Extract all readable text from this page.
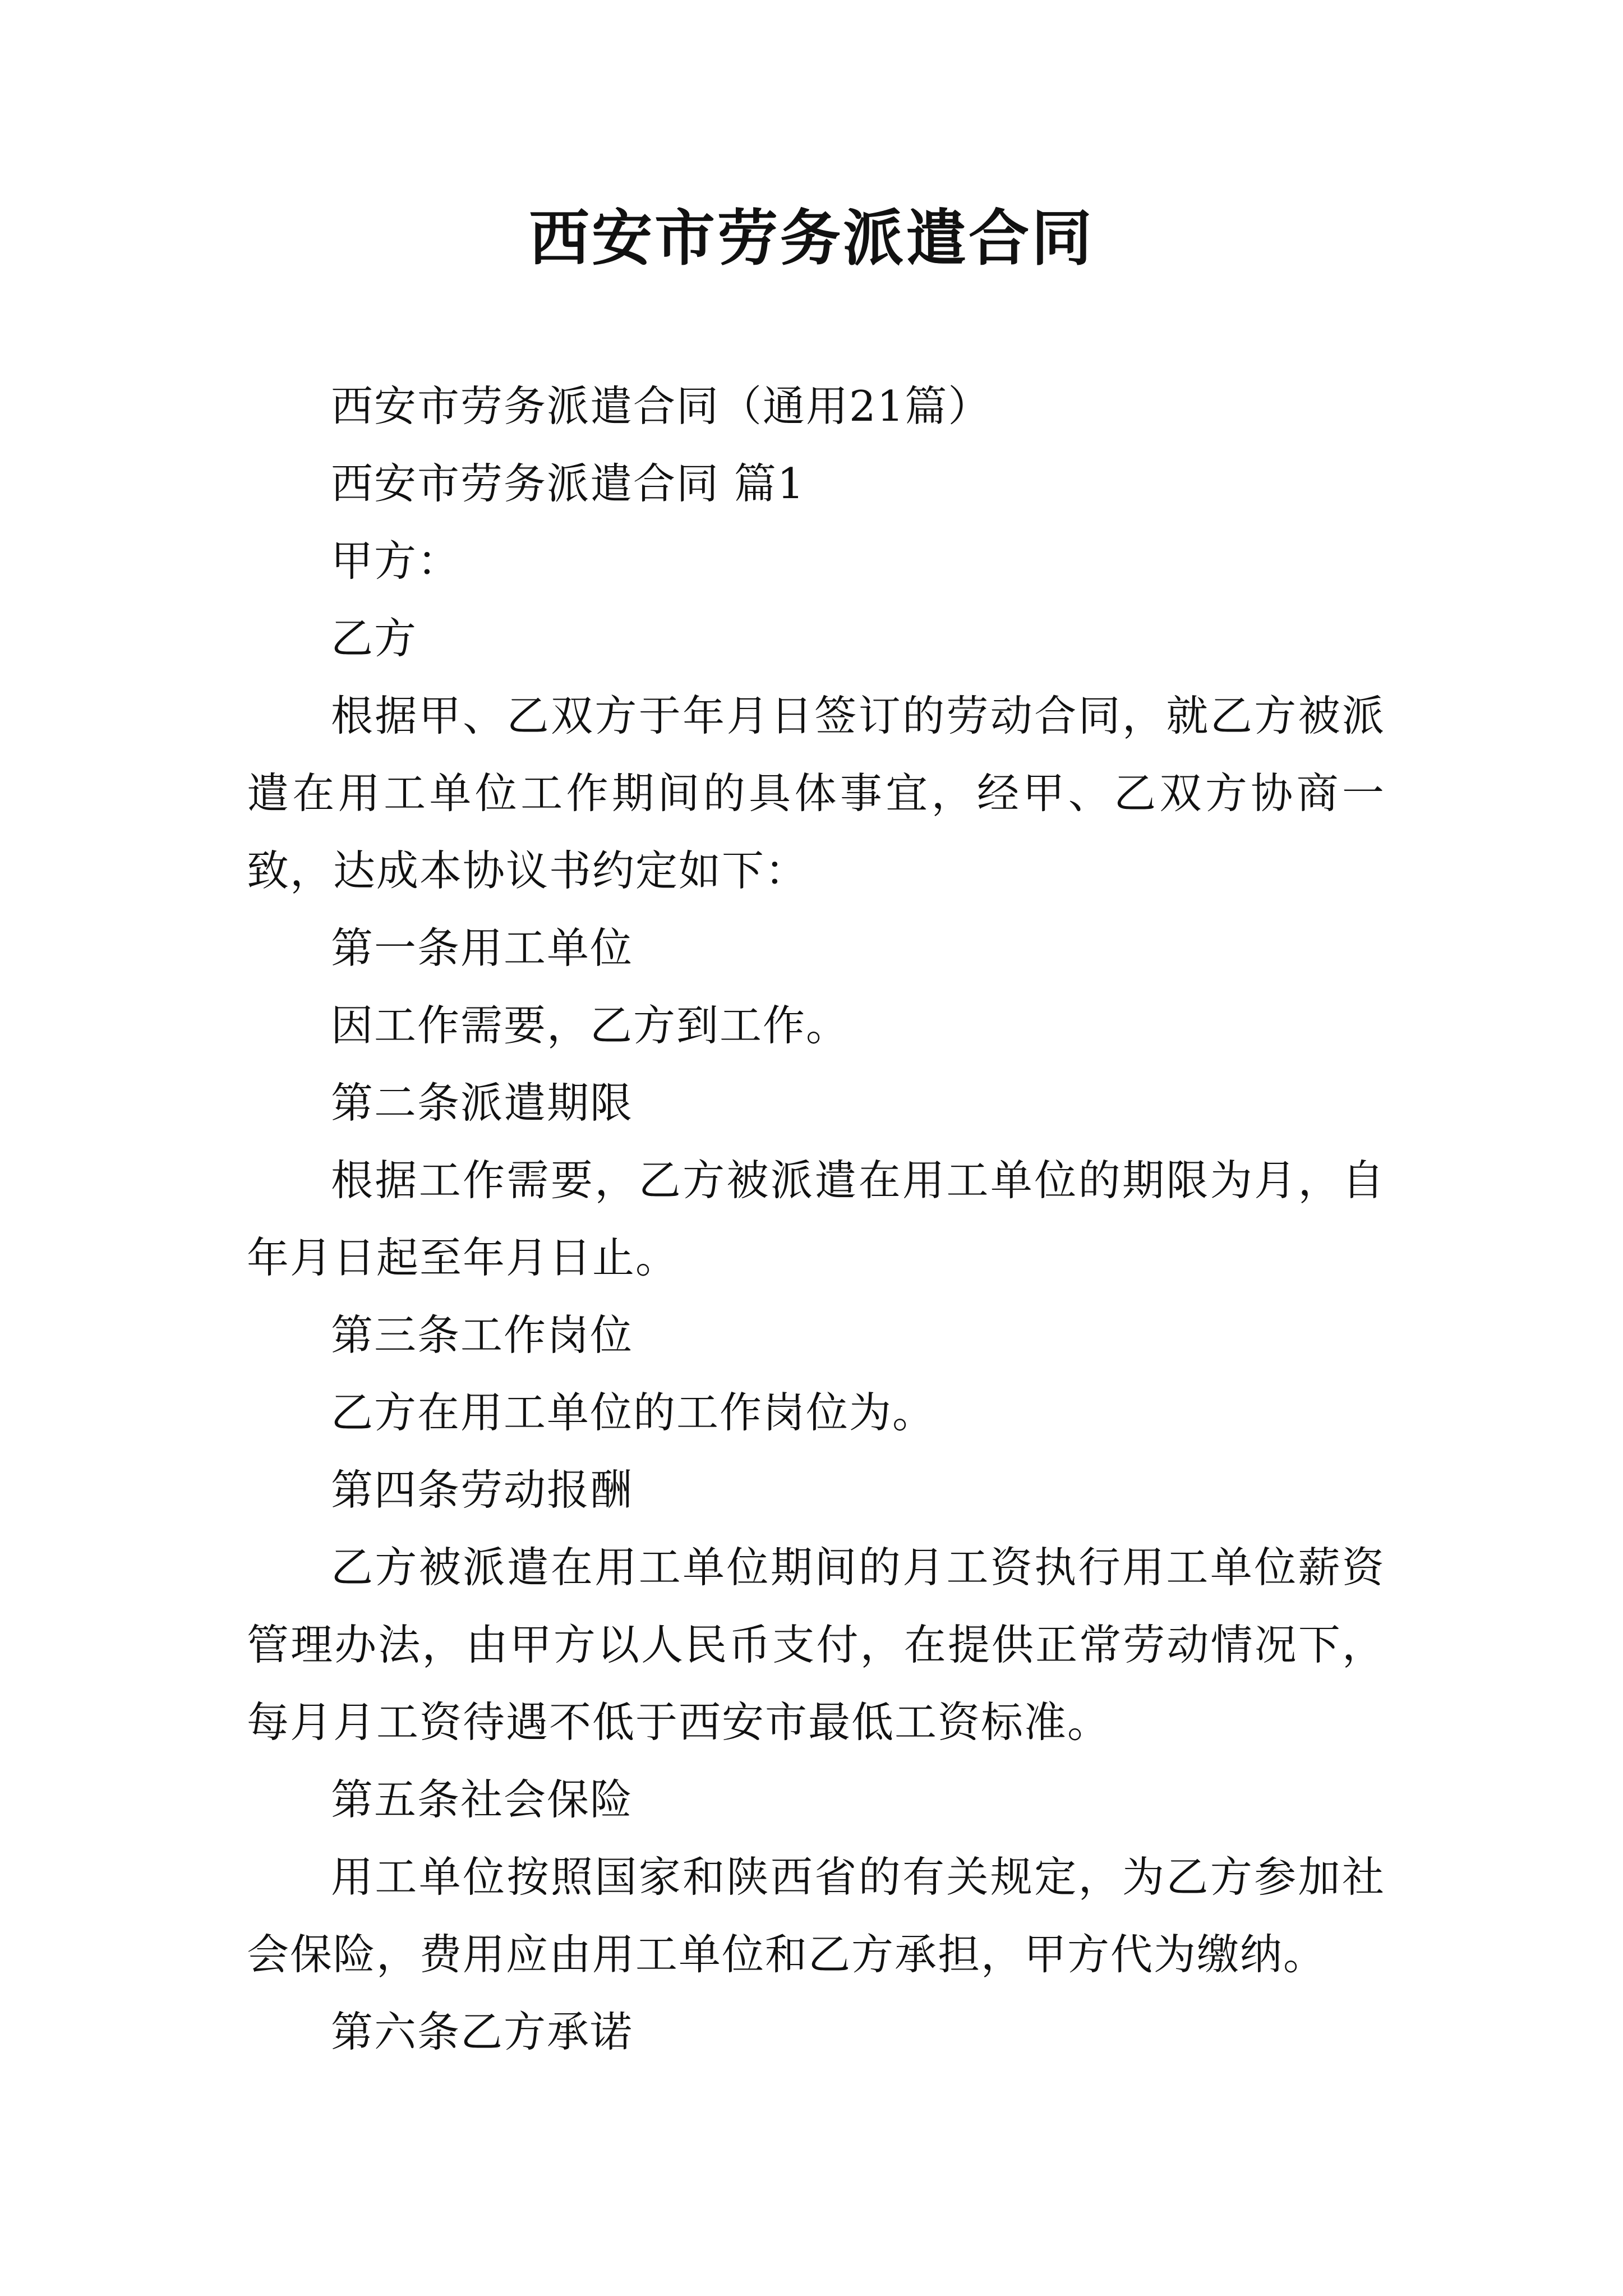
西安市劳务派遣合同

西安市劳务派遣合同（通用21篇）

西安市劳务派遣合同 篇1

甲方：

乙方

根据甲、乙双方于年月日签订的劳动合同，就乙方被派遣在用工单位工作期间的具体事宜，经甲、乙双方协商一致，达成本协议书约定如下：

第一条用工单位

因工作需要，乙方到工作。

第二条派遣期限

根据工作需要，乙方被派遣在用工单位的期限为月，自年月日起至年月日止。

第三条工作岗位

乙方在用工单位的工作岗位为。

第四条劳动报酬

乙方被派遣在用工单位期间的月工资执行用工单位薪资管理办法，由甲方以人民币支付，在提供正常劳动情况下，每月月工资待遇不低于西安市最低工资标准。

第五条社会保险

用工单位按照国家和陕西省的有关规定，为乙方参加社会保险，费用应由用工单位和乙方承担，甲方代为缴纳。

第六条乙方承诺
